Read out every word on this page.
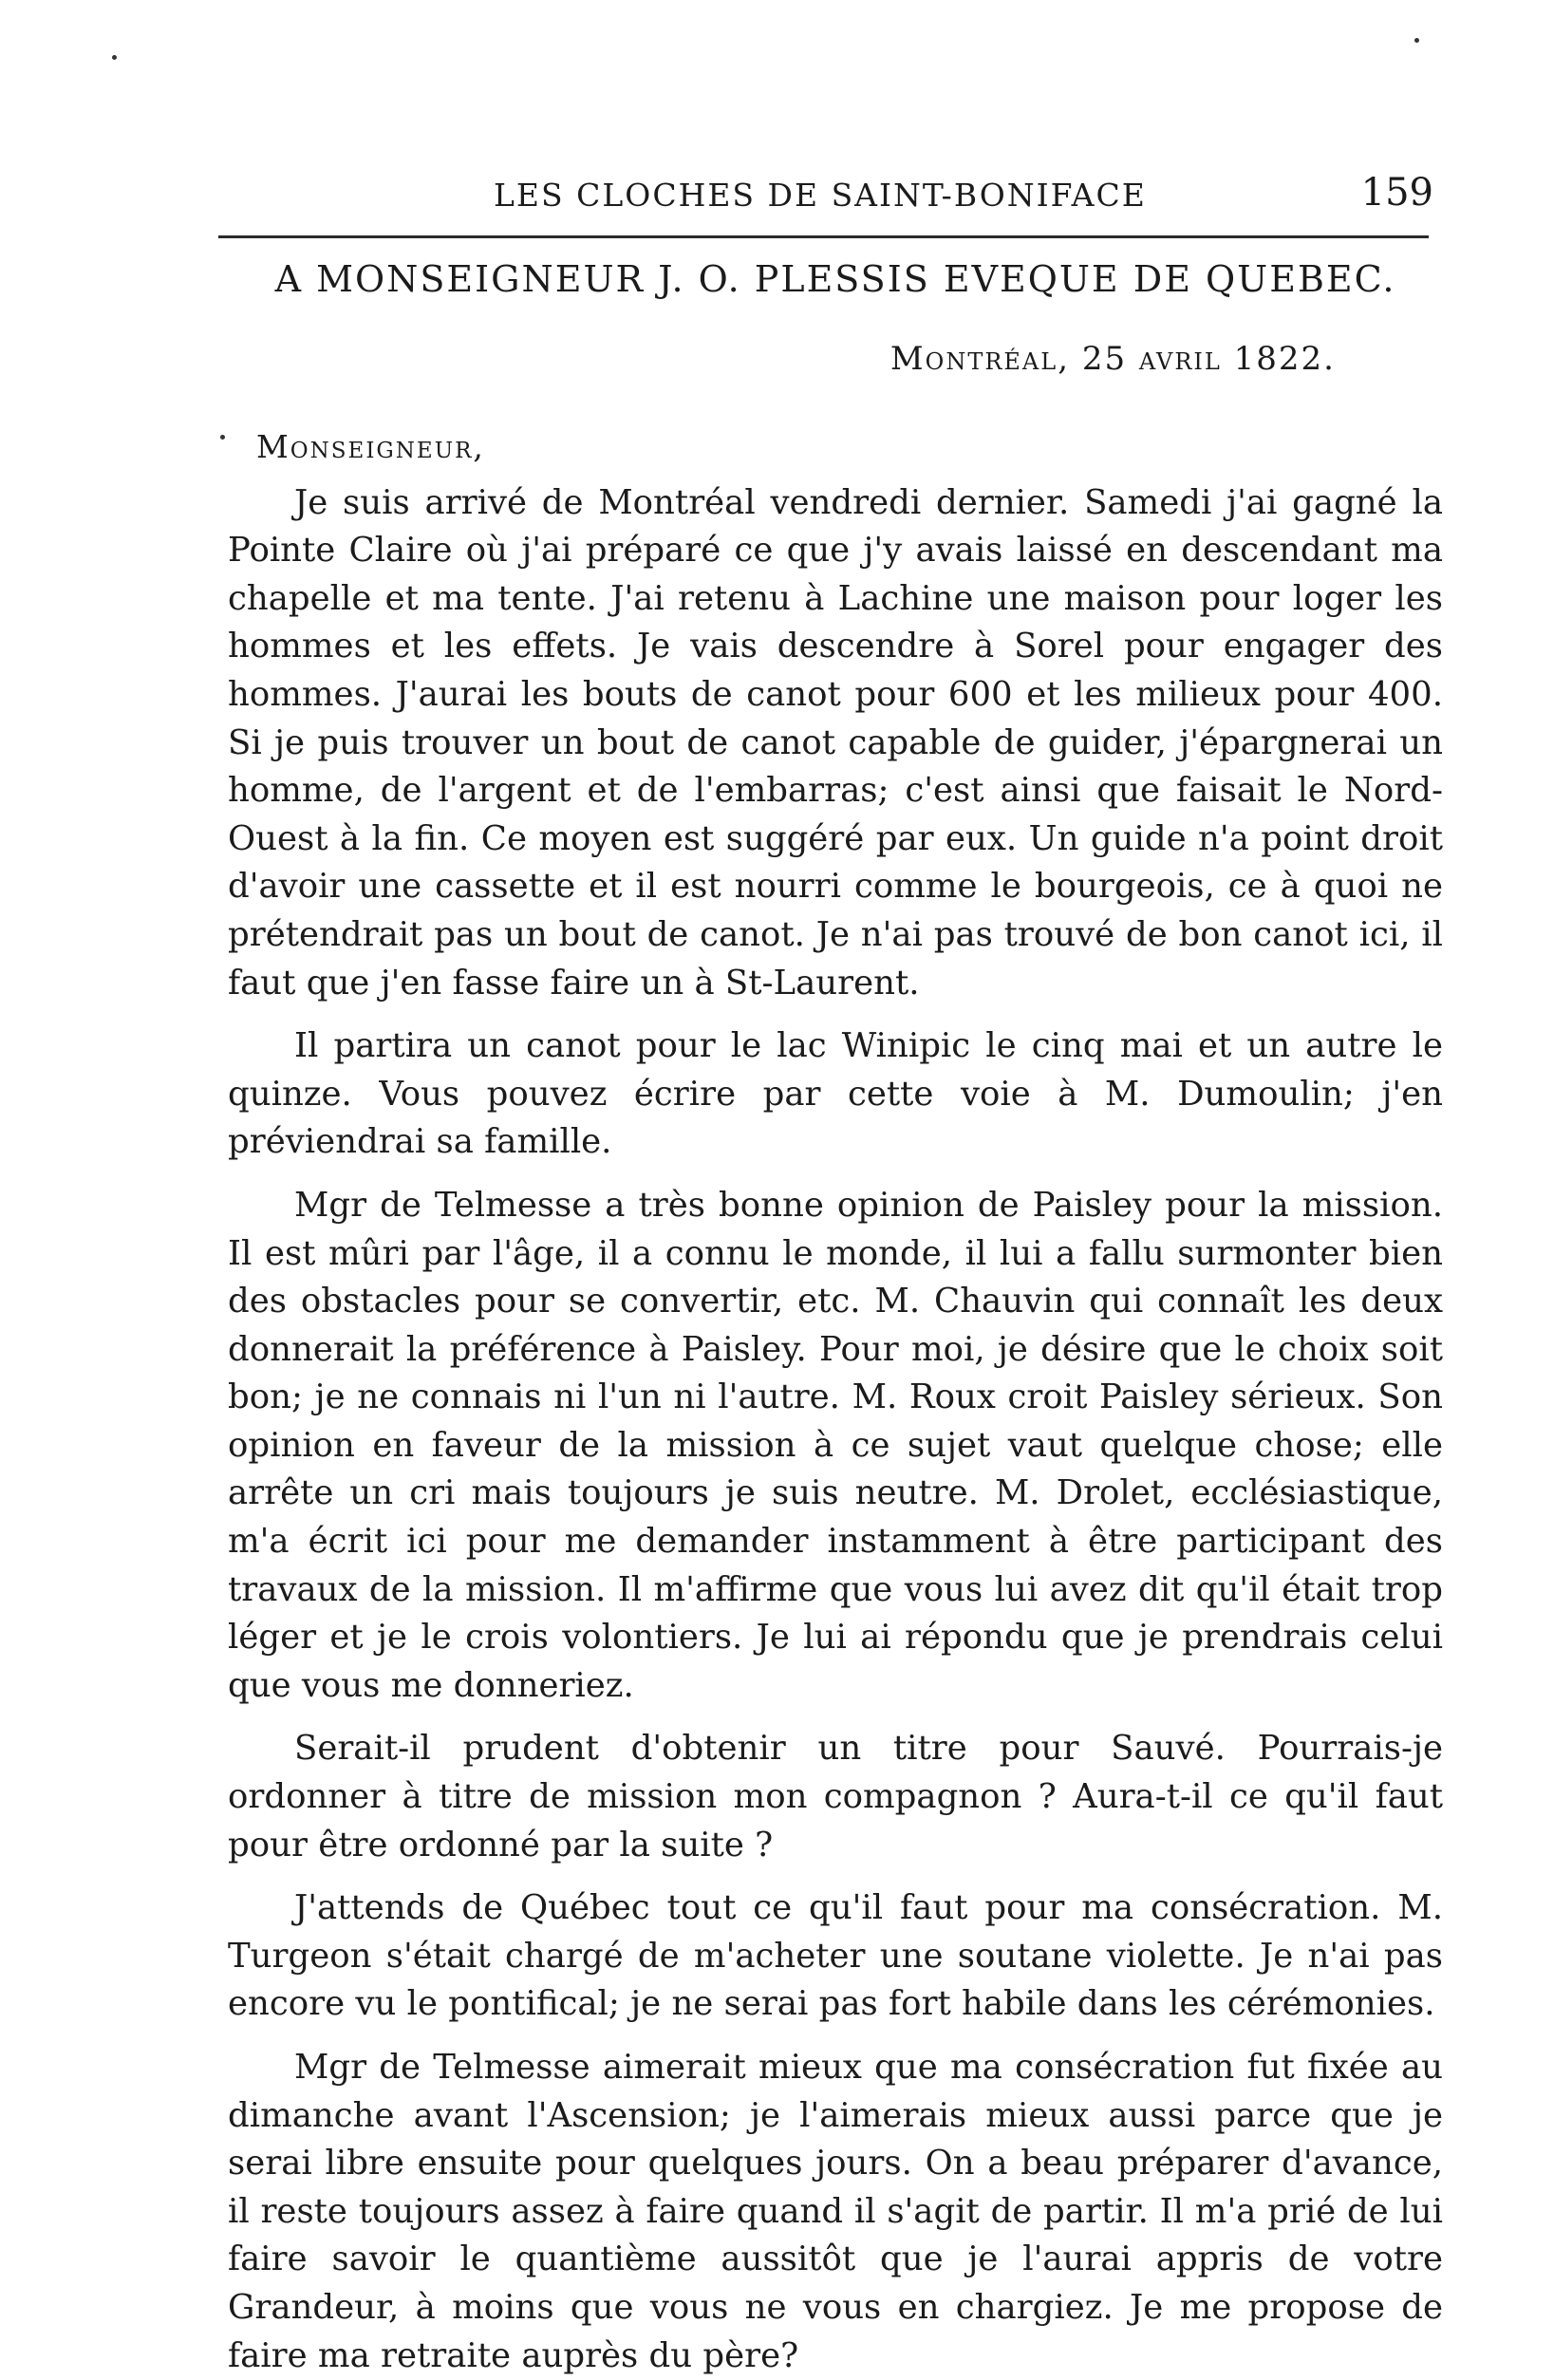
LES CLOCHES DE SAINT-BONIFACE	159
A MONSEIGNEUR J. O. PLESSIS EVEQUE DE QUEBEC.
Montréal, 25 avril 1822.

Monseigneur,

Je suis arrivé de Montréal vendredi dernier. Samedi j'ai gagné la Pointe Claire où j'ai préparé ce que j'y avais laissé en descendant ma chapelle et ma tente. J'ai retenu à Lachine une maison pour loger les hommes et les effets. Je vais descendre à Sorel pour engager des hommes. J'aurai les bouts de canot pour 600 et les milieux pour 400. Si je puis trouver un bout de canot capable de guider, j'épargnerai un homme, de l'argent et de l'embarras; c'est ainsi que faisait le Nord-Ouest à la fin. Ce moyen est suggéré par eux. Un guide n'a point droit d'avoir une cassette et il est nourri comme le bourgeois, ce à quoi ne prétendrait pas un bout de canot. Je n'ai pas trouvé de bon canot ici, il faut que j'en fasse faire un à St-Laurent.

Il partira un canot pour le lac Winipic le cinq mai et un autre le quinze. Vous pouvez écrire par cette voie à M. Dumoulin; j'en préviendrai sa famille.

Mgr de Telmesse a très bonne opinion de Paisley pour la mission. Il est mûri par l'âge, il a connu le monde, il lui a fallu surmonter bien des obstacles pour se convertir, etc. M. Chauvin qui connaît les deux donnerait la préférence à Paisley. Pour moi, je désire que le choix soit bon; je ne connais ni l'un ni l'autre. M. Roux croit Paisley sérieux. Son opinion en faveur de la mission à ce sujet vaut quelque chose; elle arrête un cri mais toujours je suis neutre. M. Drolet, ecclésiastique, m'a écrit ici pour me demander instamment à être participant des travaux de la mission. Il m'affirme que vous lui avez dit qu'il était trop léger et je le crois volontiers. Je lui ai répondu que je prendrais celui que vous me donneriez.

Serait-il prudent d'obtenir un titre pour Sauvé. Pourrais-je ordonner à titre de mission mon compagnon ? Aura-t-il ce qu'il faut pour être ordonné par la suite ?

J'attends de Québec tout ce qu'il faut pour ma consécration. M. Turgeon s'était chargé de m'acheter une soutane violette. Je n'ai pas encore vu le pontifical; je ne serai pas fort habile dans les cérémonies.

Mgr de Telmesse aimerait mieux que ma consécration fut fixée au dimanche avant l'Ascension; je l'aimerais mieux aussi parce que je serai libre ensuite pour quelques jours. On a beau préparer d'avance, il reste toujours assez à faire quand il s'agit de partir. Il m'a prié de lui faire savoir le quantième aussitôt que je l'aurai appris de votre Grandeur, à moins que vous ne vous en chargiez. Je me propose de faire ma retraite auprès du père?
